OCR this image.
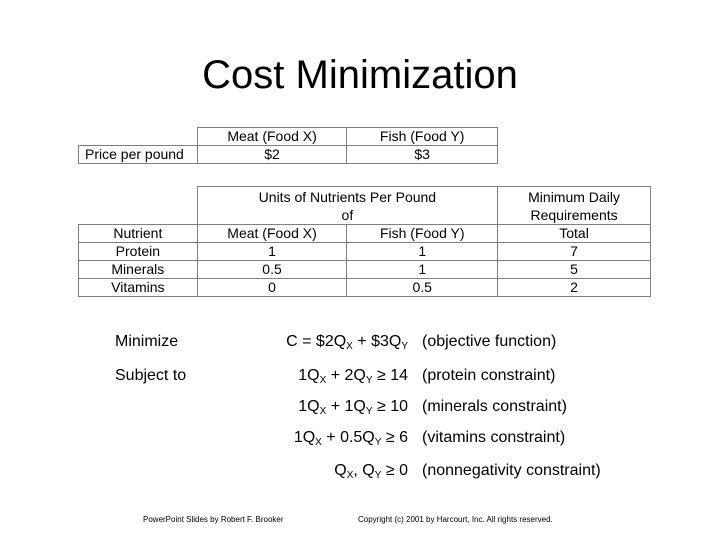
Cost Minimization
	Meat (Food X)	Fish (Food Y)
Price per pound	$2	$3
	Units of Nutrients Per Pound of		Minimum Daily Requirements
Nutrient	Meat (Food X)	Fish (Food Y)	Total
Protein	1	1	7
Minerals	0.5	1	5
Vitamins	0	0.5	2
Minimize	$C = \$2Q_X$ + $\$3Q_Y$ (objective function)
Subject to	$1Q_X + 2Q_Y \ge 14$ (protein constraint)
$1Q_X + 1Q_Y \ge 10$ (minerals constraint)
$1Q_X + 0.5Q_Y \ge 6$ (vitamins constraint)
$Q_X$, $Q_Y \ge 0$ (nonnegativity constraint)
PowerPoint Slides by Robert F. Brooker	Copyright (c) 2001 by Harcourt, Inc. All rights reserved.
